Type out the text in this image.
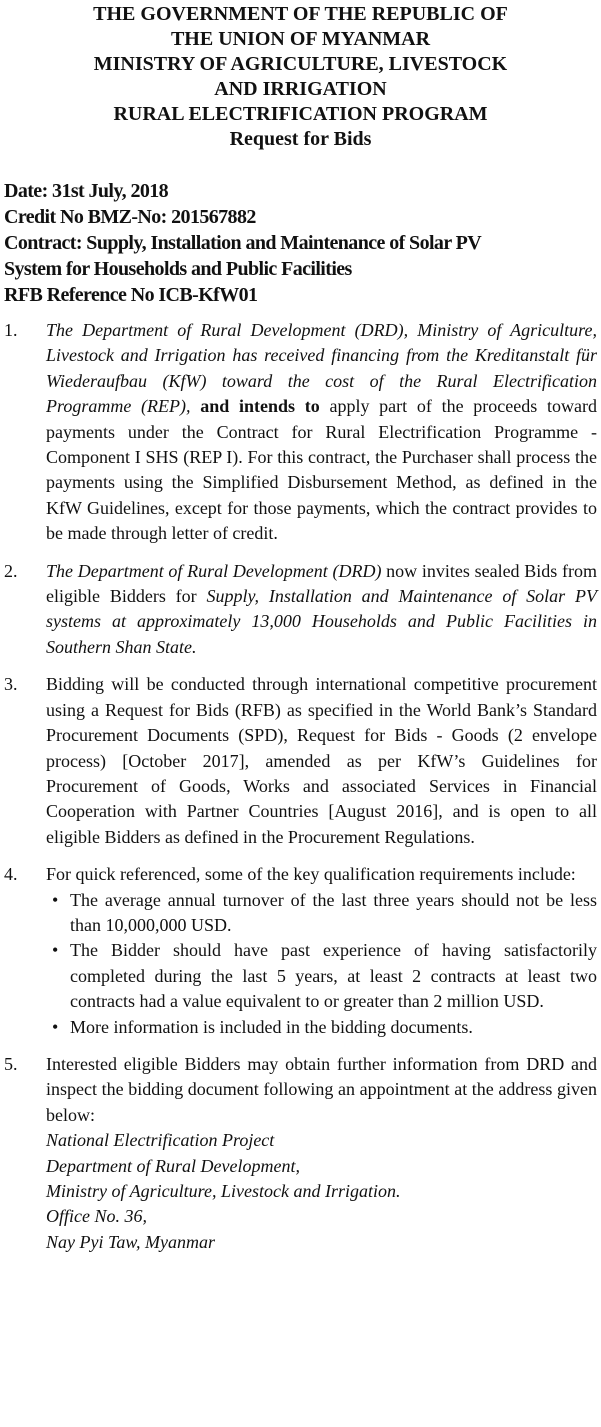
THE GOVERNMENT OF THE REPUBLIC OF
THE UNION OF MYANMAR
MINISTRY OF AGRICULTURE, LIVESTOCK
AND IRRIGATION
RURAL ELECTRIFICATION PROGRAM
Request for Bids
Date: 31st July, 2018
Credit No BMZ-No: 201567882
Contract: Supply, Installation and Maintenance of Solar PV
System for Households and Public Facilities
RFB Reference No ICB-KfW01
1. The Department of Rural Development (DRD), Ministry of Agriculture, Livestock and Irrigation has received financing from the Kreditanstalt für Wiederaufbau (KfW) toward the cost of the Rural Electrification Programme (REP), and intends to apply part of the proceeds toward payments under the Contract for Rural Electrification Programme - Component I SHS (REP I). For this contract, the Purchaser shall process the payments using the Simplified Disbursement Method, as defined in the KfW Guidelines, except for those payments, which the contract provides to be made through letter of credit.
2. The Department of Rural Development (DRD) now invites sealed Bids from eligible Bidders for Supply, Installation and Maintenance of Solar PV systems at approximately 13,000 Households and Public Facilities in Southern Shan State.
3. Bidding will be conducted through international competitive procurement using a Request for Bids (RFB) as specified in the World Bank’s Standard Procurement Documents (SPD), Request for Bids - Goods (2 envelope process) [October 2017], amended as per KfW’s Guidelines for Procurement of Goods, Works and associated Services in Financial Cooperation with Partner Countries [August 2016], and is open to all eligible Bidders as defined in the Procurement Regulations.
4. For quick referenced, some of the key qualification requirements include:
• The average annual turnover of the last three years should not be less than 10,000,000 USD.
• The Bidder should have past experience of having satisfactorily completed during the last 5 years, at least 2 contracts at least two contracts had a value equivalent to or greater than 2 million USD.
• More information is included in the bidding documents.
5. Interested eligible Bidders may obtain further information from DRD and inspect the bidding document following an appointment at the address given below:
National Electrification Project
Department of Rural Development,
Ministry of Agriculture, Livestock and Irrigation.
Office No. 36,
Nay Pyi Taw, Myanmar
